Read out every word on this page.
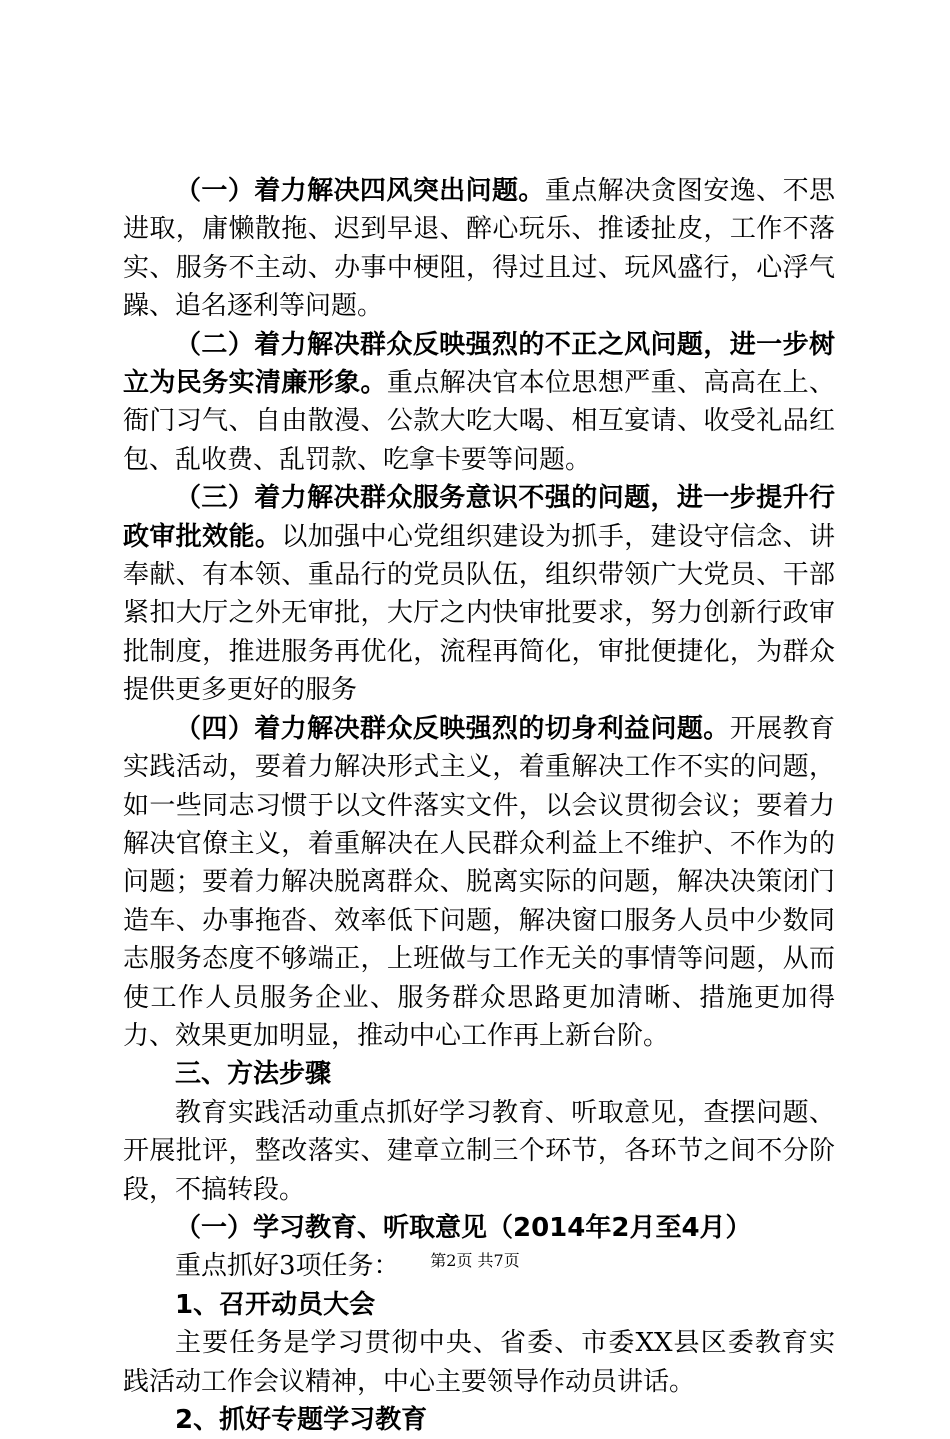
（一）着力解决四风突出问题。重点解决贪图安逸、不思进取，庸懒散拖、迟到早退、醉心玩乐、推诿扯皮，工作不落实、服务不主动、办事中梗阻，得过且过、玩风盛行，心浮气躁、追名逐利等问题。

（二）着力解决群众反映强烈的不正之风问题，进一步树立为民务实清廉形象。重点解决官本位思想严重、高高在上、衙门习气、自由散漫、公款大吃大喝、相互宴请、收受礼品红包、乱收费、乱罚款、吃拿卡要等问题。

（三）着力解决群众服务意识不强的问题，进一步提升行政审批效能。以加强中心党组织建设为抓手，建设守信念、讲奉献、有本领、重品行的党员队伍，组织带领广大党员、干部紧扣大厅之外无审批，大厅之内快审批要求，努力创新行政审批制度，推进服务再优化，流程再简化，审批便捷化，为群众提供更多更好的服务

（四）着力解决群众反映强烈的切身利益问题。开展教育实践活动，要着力解决形式主义，着重解决工作不实的问题，如一些同志习惯于以文件落实文件，以会议贯彻会议；要着力解决官僚主义，着重解决在人民群众利益上不维护、不作为的问题；要着力解决脱离群众、脱离实际的问题，解决决策闭门造车、办事拖沓、效率低下问题，解决窗口服务人员中少数同志服务态度不够端正，上班做与工作无关的事情等问题，从而使工作人员服务企业、服务群众思路更加清晰、措施更加得力、效果更加明显，推动中心工作再上新台阶。

三、方法步骤

教育实践活动重点抓好学习教育、听取意见，查摆问题、开展批评，整改落实、建章立制三个环节，各环节之间不分阶段，不搞转段。

（一）学习教育、听取意见（2014年2月至4月）

重点抓好3项任务：

1、召开动员大会

主要任务是学习贯彻中央、省委、市委XX县区委教育实践活动工作会议精神，中心主要领导作动员讲话。

2、抓好专题学习教育

第2页 共7页
